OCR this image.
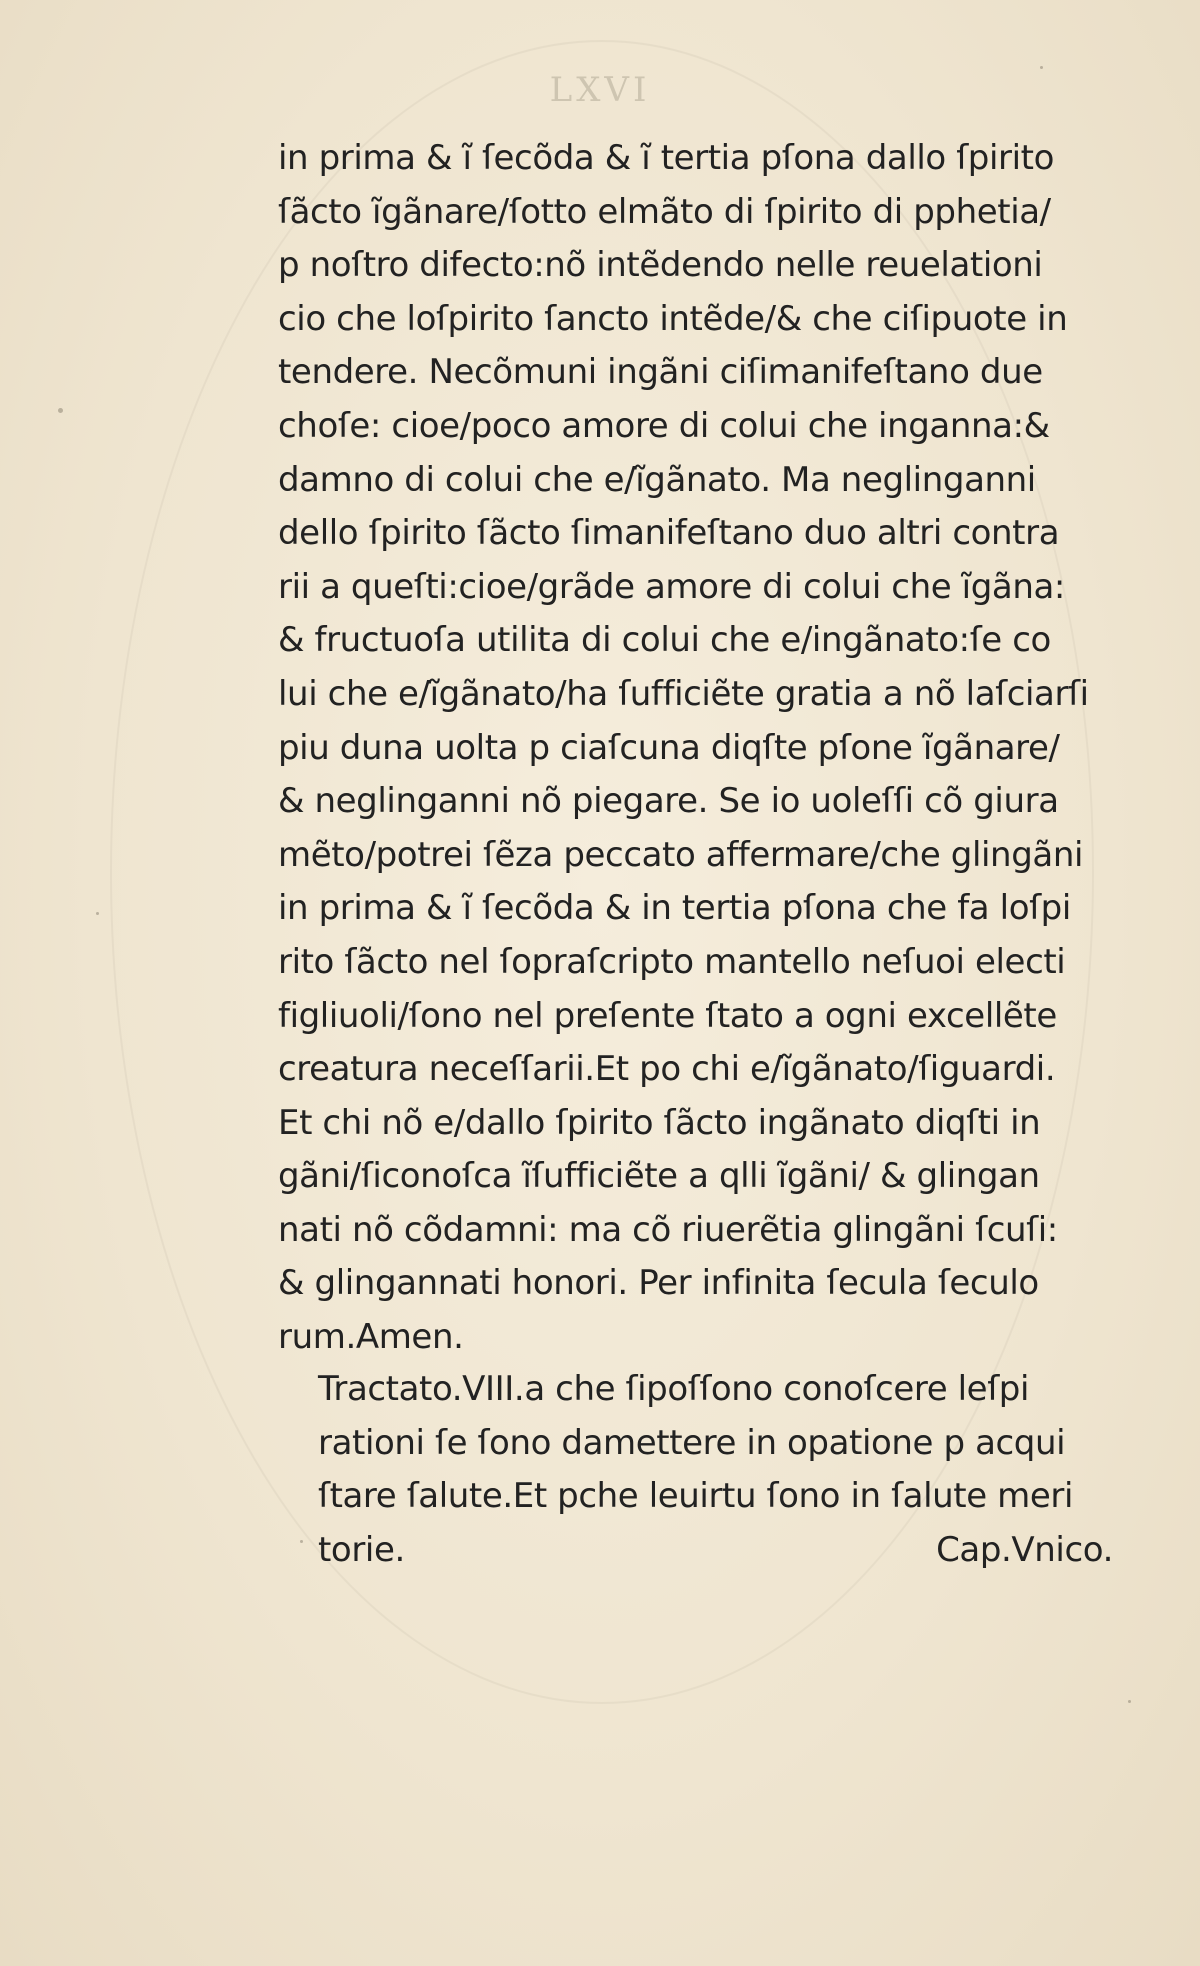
LXVI
in prima & ĩ ſecõda & ĩ tertia pſona dallo ſpirito
ſãcto ĩgãnare/ſotto elmãto di ſpirito di pphetia/
p noſtro difecto:nõ intẽdendo nelle reuelationi
cio che loſpirito ſancto intẽde/& che ciſipuote in
tendere. Necõmuni ingãni ciſimanifeſtano due
choſe: cioe/poco amore di colui che inganna:&
damno di colui che e/ĩgãnato. Ma neglinganni
dello ſpirito ſãcto ſimanifeſtano duo altri contra
rii a queſti:cioe/grãde amore di colui che ĩgãna:
& fructuoſa utilita di colui che e/ingãnato:ſe co
lui che e/ĩgãnato/ha ſufficiẽte gratia a nõ laſciarſi
piu duna uolta p ciaſcuna diqſte pſone ĩgãnare/
& neglinganni nõ piegare. Se io uoleſſi cõ giura
mẽto/potrei ſẽza peccato affermare/che glingãni
in prima & ĩ ſecõda & in tertia pſona che fa loſpi
rito ſãcto nel ſopraſcripto mantello neſuoi electi
figliuoli/ſono nel preſente ſtato a ogni excellẽte
creatura neceſſarii.Et po chi e/ĩgãnato/ſiguardi.
Et chi nõ e/dallo ſpirito ſãcto ingãnato diqſti in
gãni/ſiconoſca ĩſufficiẽte a qlli ĩgãni/ & glingan
nati nõ cõdamni: ma cõ riuerẽtia glingãni ſcuſi:
& glingannati honori. Per infinita ſecula ſeculo
rum.Amen.
Tractato.VIII.a che ſipoſſono conoſcere leſpi
rationi ſe ſono damettere in opatione p acqui
ſtare ſalute.Et pche leuirtu ſono in ſalute meri
torie.	Cap.Vnico.
